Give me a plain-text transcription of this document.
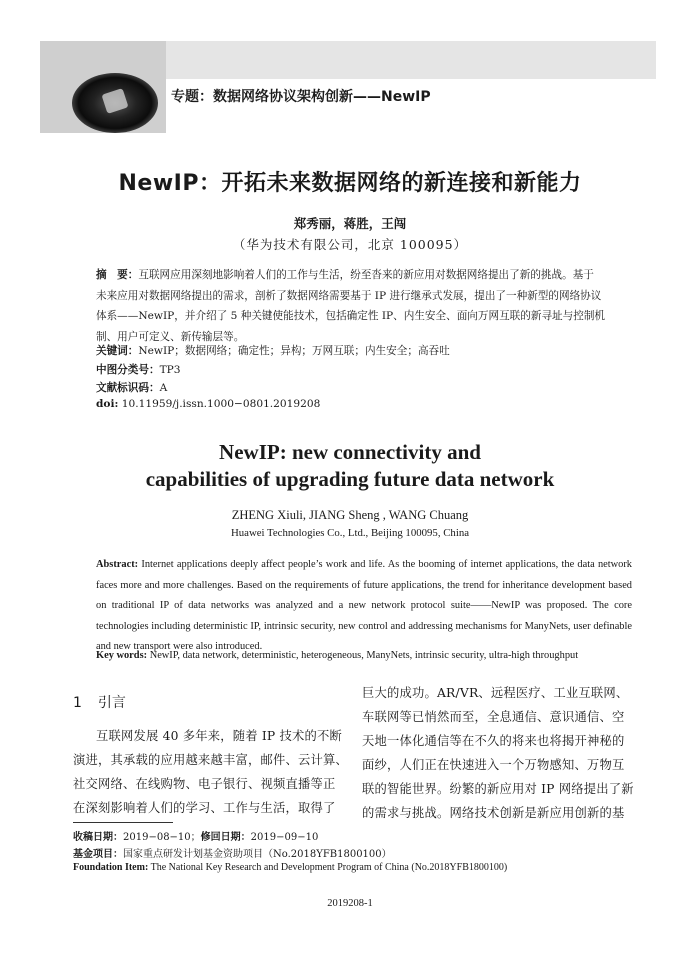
专题：数据网络协议架构创新——NewIP
NewIP：开拓未来数据网络的新连接和新能力
郑秀丽，蒋胜，王闯
（华为技术有限公司，北京 100095）
摘　要：互联网应用深刻地影响着人们的工作与生活，纷至沓来的新应用对数据网络提出了新的挑战。基于
未来应用对数据网络提出的需求，剖析了数据网络需要基于 IP 进行继承式发展，提出了一种新型的网络协议
体系——NewIP，并介绍了 5 种关键使能技术，包括确定性 IP、内生安全、面向万网互联的新寻址与控制机
制、用户可定义、新传输层等。
关键词：NewIP；数据网络；确定性；异构；万网互联；内生安全；高吞吐
中图分类号：TP3
文献标识码：A
doi: 10.11959/j.issn.1000−0801.2019208
NewIP: new connectivity and
capabilities of upgrading future data network
ZHENG Xiuli, JIANG Sheng , WANG Chuang
Huawei Technologies Co., Ltd., Beijing 100095, China
Abstract: Internet applications deeply affect people’s work and life. As the booming of internet applications, the data network faces more and more challenges. Based on the requirements of future applications, the trend for inheritance development based on traditional IP of data networks was analyzed and a new network protocol suite——NewIP was proposed. The core technologies including deterministic IP, intrinsic security, new control and addressing mechanisms for ManyNets, user definable and new transport were also introduced.
Key words: NewIP, data network, deterministic, heterogeneous, ManyNets, intrinsic security, ultra-high throughput
1 引言
互联网发展 40 多年来，随着 IP 技术的不断
演进，其承载的应用越来越丰富，邮件、云计算、
社交网络、在线购物、电子银行、视频直播等正
在深刻影响着人们的学习、工作与生活，取得了
巨大的成功。AR/VR、远程医疗、工业互联网、
车联网等已悄然而至，全息通信、意识通信、空
天地一体化通信等在不久的将来也将揭开神秘的
面纱，人们正在快速进入一个万物感知、万物互
联的智能世界。纷繁的新应用对 IP 网络提出了新
的需求与挑战。网络技术创新是新应用创新的基
收稿日期：2019−08−10；修回日期：2019−09−10
基金项目：国家重点研发计划基金资助项目（No.2018YFB1800100）
Foundation Item: The National Key Research and Development Program of China (No.2018YFB1800100)
2019208-1
